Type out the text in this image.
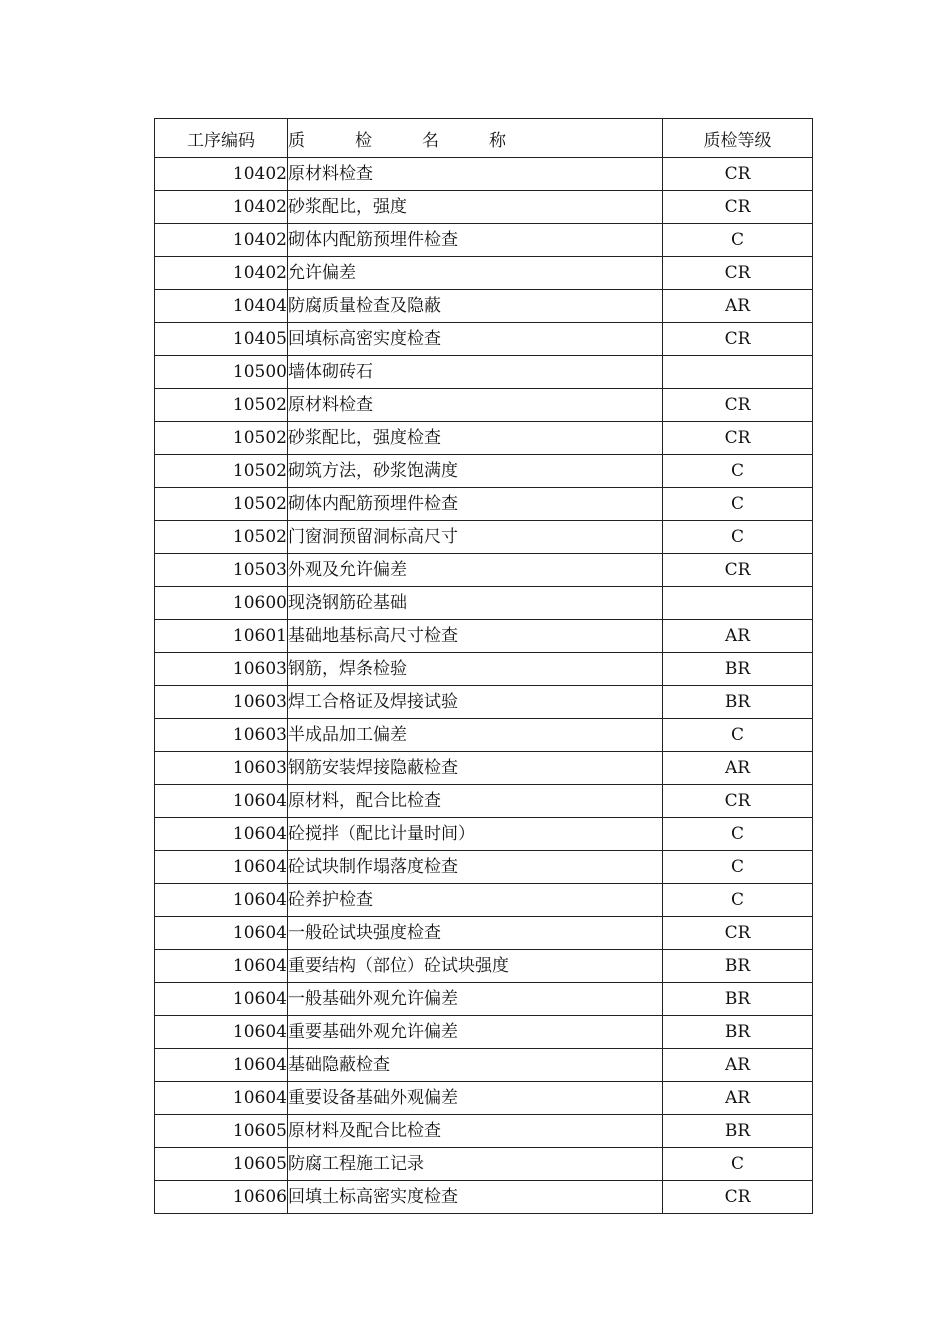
工序编码	质 检 名 称	质检等级
10402	原材料检查	CR
10402	砂浆配比，强度	CR
10402	砌体内配筋预埋件检查	C
10402	允许偏差	CR
10404	防腐质量检查及隐蔽	AR
10405	回填标高密实度检查	CR
10500	墙体砌砖石	
10502	原材料检查	CR
10502	砂浆配比，强度检查	CR
10502	砌筑方法，砂浆饱满度	C
10502	砌体内配筋预埋件检查	C
10502	门窗洞预留洞标高尺寸	C
10503	外观及允许偏差	CR
10600	现浇钢筋砼基础	
10601	基础地基标高尺寸检查	AR
10603	钢筋，焊条检验	BR
10603	焊工合格证及焊接试验	BR
10603	半成品加工偏差	C
10603	钢筋安装焊接隐蔽检查	AR
10604	原材料，配合比检查	CR
10604	砼搅拌（配比计量时间）	C
10604	砼试块制作塌落度检查	C
10604	砼养护检查	C
10604	一般砼试块强度检查	CR
10604	重要结构（部位）砼试块强度	BR
10604	一般基础外观允许偏差	BR
10604	重要基础外观允许偏差	BR
10604	基础隐蔽检查	AR
10604	重要设备基础外观偏差	AR
10605	原材料及配合比检查	BR
10605	防腐工程施工记录	C
10606	回填土标高密实度检查	CR
